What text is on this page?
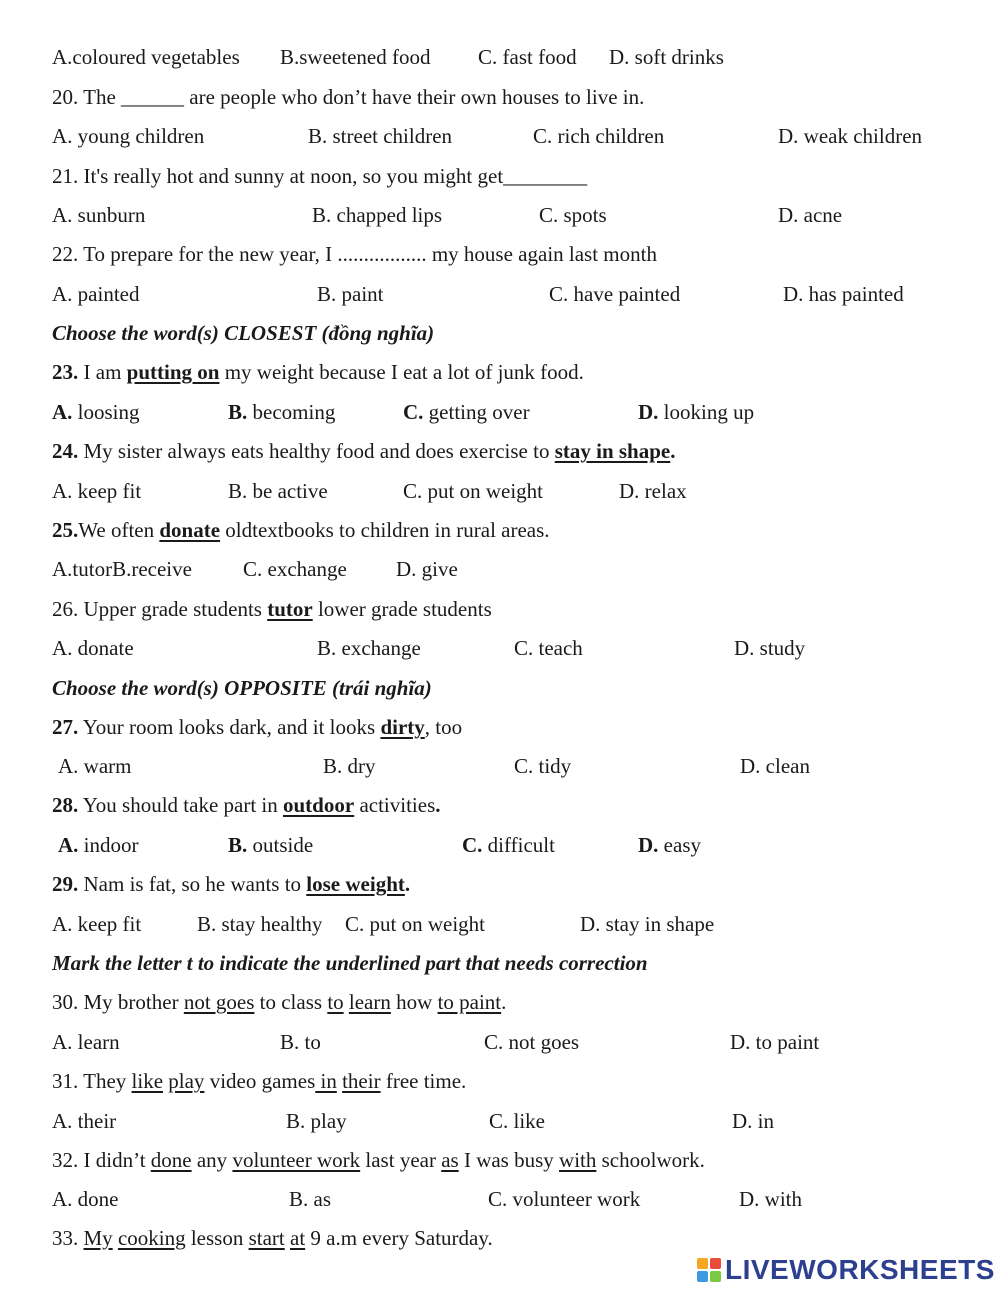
A.coloured vegetables B.sweetened food C. fast food D. soft drinks
20. The ______ are people who don’t have their own houses to live in.
A. young children	B. street children	C. rich children	D. weak children
21. It's really hot and sunny at noon, so you might get________
A. sunburn	B. chapped lips	C. spots	D. acne
22. To prepare for the new year, I ................. my house again last month
A. painted	B. paint	C. have painted	D. has painted
Choose the word(s) CLOSEST (đồng nghĩa)
23. I am putting on my weight because I eat a lot of junk food.
A. loosing	B. becoming	C. getting over	D. looking up
24. My sister always eats healthy food and does exercise to stay in shape.
A. keep fit	B. be active	C. put on weight	D. relax
25.We often donate oldtextbooks to children in rural areas.
A.tutorB.receive C. exchange D. give
26. Upper grade students tutor lower grade students
A. donate	B. exchange	C. teach	D. study
Choose the word(s) OPPOSITE (trái nghĩa)
27. Your room looks dark, and it looks dirty, too
A. warm	B. dry	C. tidy	D. clean
28. You should take part in outdoor activities.
A. indoor	B. outside	C. difficult	D. easy
29. Nam is fat, so he wants to lose weight.
A. keep fit	B. stay healthy C. put on weight	D. stay in shape
Mark the letter t to indicate the underlined part that needs correction
30. My brother not goes to class to learn how to paint.
A. learn	B. to	C. not goes	D. to paint
31. They like play video games in their free time.
A. their	B. play	C. like	D. in
32. I didn’t done any volunteer work last year as I was busy with schoolwork.
A. done	B. as	C. volunteer work	D. with
33. My cooking lesson start at 9 a.m every Saturday.
LIVEWORKSHEETS
